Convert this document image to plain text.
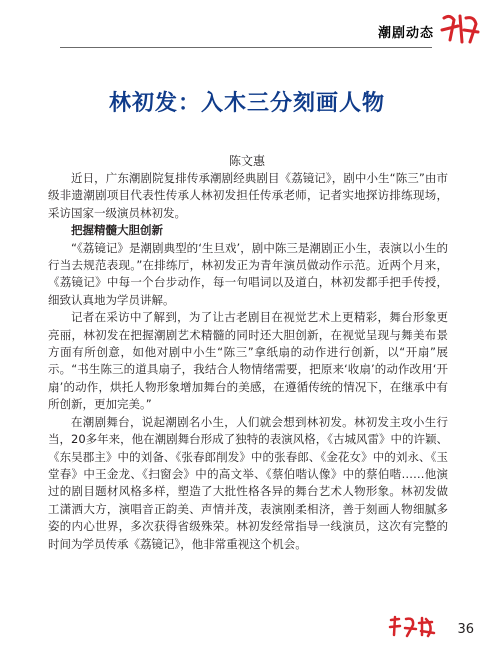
潮剧动态
林初发：入木三分刻画人物
陈文惠

近日，广东潮剧院复排传承潮剧经典剧目《荔镜记》，剧中小生“陈三”由市级非遗潮剧项目代表性传承人林初发担任传承老师，记者实地探访排练现场，采访国家一级演员林初发。

把握精髓大胆创新

“《荔镜记》是潮剧典型的‘生旦戏’，剧中陈三是潮剧正小生，表演以小生的行当去规范表现。”在排练厅，林初发正为青年演员做动作示范。近两个月来，《荔镜记》中每一个台步动作，每一句唱词以及道白，林初发都手把手传授，细致认真地为学员讲解。

记者在采访中了解到，为了让古老剧目在视觉艺术上更精彩，舞台形象更亮丽，林初发在把握潮剧艺术精髓的同时还大胆创新，在视觉呈现与舞美布景方面有所创意，如他对剧中小生“陈三”拿纸扇的动作进行创新，以“开扇”展示。“书生陈三的道具扇子，我结合人物情绪需要，把原来‘收扇’的动作改用‘开扇’的动作，烘托人物形象增加舞台的美感，在遵循传统的情况下，在继承中有所创新，更加完美。”

在潮剧舞台，说起潮剧名小生，人们就会想到林初发。林初发主攻小生行当，20多年来，他在潮剧舞台形成了独特的表演风格，《古城风雷》中的许颖、《东吴郡主》中的刘备、《张春郎削发》中的张春郎、《金花女》中的刘永、《玉堂春》中王金龙、《扫窗会》中的高文举、《蔡伯喈认像》中的蔡伯喈……他演过的剧目题材风格多样，塑造了大批性格各异的舞台艺术人物形象。林初发做工潇洒大方，演唱音正韵美、声情并茂，表演刚柔相济，善于刻画人物细腻多姿的内心世界，多次获得省级殊荣。林初发经常指导一线演员，这次有完整的时间为学员传承《荔镜记》，他非常重视这个机会。

36
